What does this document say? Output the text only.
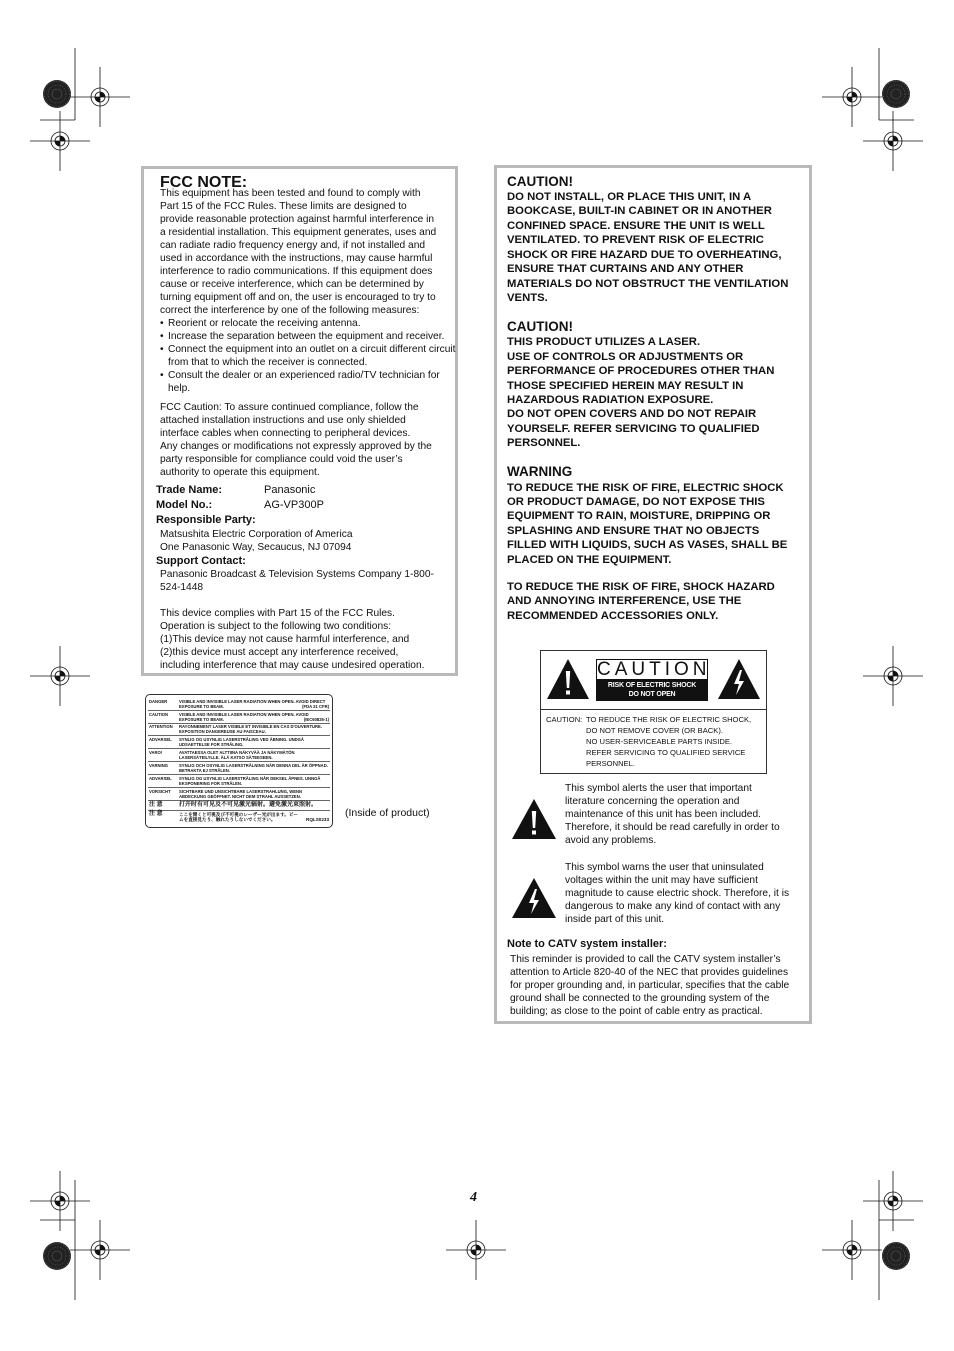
FCC NOTE:
This equipment has been tested and found to comply with
Part 15 of the FCC Rules. These limits are designed to
provide reasonable protection against harmful interference in
a residential installation. This equipment generates, uses and
can radiate radio frequency energy and, if not installed and
used in accordance with the instructions, may cause harmful
interference to radio communications. If this equipment does
cause or receive interference, which can be determined by
turning equipment off and on, the user is encouraged to try to
correct the interference by one of the following measures:
• Reorient or relocate the receiving antenna.
• Increase the separation between the equipment and receiver.
• Connect the equipment into an outlet on a circuit different circuit
from that to which the receiver is connected.
• Consult the dealer or an experienced radio/TV technician for
help.
FCC Caution: To assure continued compliance, follow the
attached installation instructions and use only shielded
interface cables when connecting to peripheral devices.
Any changes or modifications not expressly approved by the
party responsible for compliance could void the user’s
authority to operate this equipment.
Trade Name:	Panasonic
Model No.:	AG-VP300P
Responsible Party:
Matsushita Electric Corporation of America
One Panasonic Way, Secaucus, NJ 07094
Support Contact:
Panasonic Broadcast & Television Systems Company 1-800-
524-1448
This device complies with Part 15 of the FCC Rules.
Operation is subject to the following two conditions:
(1)This device may not cause harmful interference, and
(2)this device must accept any interference received,
including interference that may cause undesired operation.
DANGER	VISIBLE AND INVISIBLE LASER RADIATION WHEN OPEN. AVOID DIRECT EXPOSURE TO BEAM.	(FDA 21 CFR)
CAUTION	VISIBLE AND INVISIBLE LASER RADIATION WHEN OPEN. AVOID EXPOSURE TO BEAM.	(IEC60825-1)
ATTENTION RAYONNEMENT LASER VISIBLE ET INVISIBLE EN CAS D'OUVERTURE. EXPOSITION DANGEREUSE AU FAISCEAU.
ADVARSEL SYNLIG OG USYNLIG LASERSTRÅLING VED ÅBNING. UNDGÅ UDSAETTELSE FOR STRÅLING.
VARO!	AVATTAESSA OLET ALTTIINA NÄKYVÄÄ JA NÄKYMÄTÖN LASERSÄTEILYLLE. ÄLÄ KATSO SÄTEESEEN.
VARNING	SYNLIG OCH OSYNLIG LASERSTRÅLNING NÄR DENNA DEL ÄR ÖPPNAD. BETRAKTA EJ STRÅLEN.
ADVARSEL SYNLIG OG USYNLIG LASERSTRÅLING NÅR DEKSEL ÅPNES. UNNGÅ EKSPONERING FOR STRÅLEN.
VORSICHT SICHTBARE UND UNSICHTBARE LASERSTRAHLUNG, WENN ABDECKUNG GEÖFFNET. NICHT DEM STRAHL AUSSETZEN.
注 意	打开时有可见及不可见激光辐射。避免激光束照射。
注 意	ここを開くと可視及び不可視のレーザー光が出ます。ビームを直接見たり、触れたりしないでください。	RQLS0233
(Inside of product)
CAUTION!
DO NOT INSTALL, OR PLACE THIS UNIT, IN A
BOOKCASE, BUILT-IN CABINET OR IN ANOTHER
CONFINED SPACE. ENSURE THE UNIT IS WELL
VENTILATED. TO PREVENT RISK OF ELECTRIC
SHOCK OR FIRE HAZARD DUE TO OVERHEATING,
ENSURE THAT CURTAINS AND ANY OTHER
MATERIALS DO NOT OBSTRUCT THE VENTILATION
VENTS.
CAUTION!
THIS PRODUCT UTILIZES A LASER.
USE OF CONTROLS OR ADJUSTMENTS OR
PERFORMANCE OF PROCEDURES OTHER THAN
THOSE SPECIFIED HEREIN MAY RESULT IN
HAZARDOUS RADIATION EXPOSURE.
DO NOT OPEN COVERS AND DO NOT REPAIR
YOURSELF. REFER SERVICING TO QUALIFIED
PERSONNEL.
WARNING
TO REDUCE THE RISK OF FIRE, ELECTRIC SHOCK
OR PRODUCT DAMAGE, DO NOT EXPOSE THIS
EQUIPMENT TO RAIN, MOISTURE, DRIPPING OR
SPLASHING AND ENSURE THAT NO OBJECTS
FILLED WITH LIQUIDS, SUCH AS VASES, SHALL BE
PLACED ON THE EQUIPMENT.
TO REDUCE THE RISK OF FIRE, SHOCK HAZARD
AND ANNOYING INTERFERENCE, USE THE
RECOMMENDED ACCESSORIES ONLY.
This symbol alerts the user that important
literature concerning the operation and
maintenance of this unit has been included.
Therefore, it should be read carefully in order to
avoid any problems.
This symbol warns the user that uninsulated
voltages within the unit may have sufficient
magnitude to cause electric shock. Therefore, it is
dangerous to make any kind of contact with any
inside part of this unit.
Note to CATV system installer:
This reminder is provided to call the CATV system installer’s
attention to Article 820-40 of the NEC that provides guidelines
for proper grounding and, in particular, specifies that the cable
ground shall be connected to the grounding system of the
building; as close to the point of cable entry as practical.
CAUTION
RISK OF ELECTRIC SHOCK
DO NOT OPEN
CAUTION: TO REDUCE THE RISK OF ELECTRIC SHOCK,
DO NOT REMOVE COVER (OR BACK).
NO USER-SERVICEABLE PARTS INSIDE.
REFER SERVICING TO QUALIFIED SERVICE
PERSONNEL.
4
